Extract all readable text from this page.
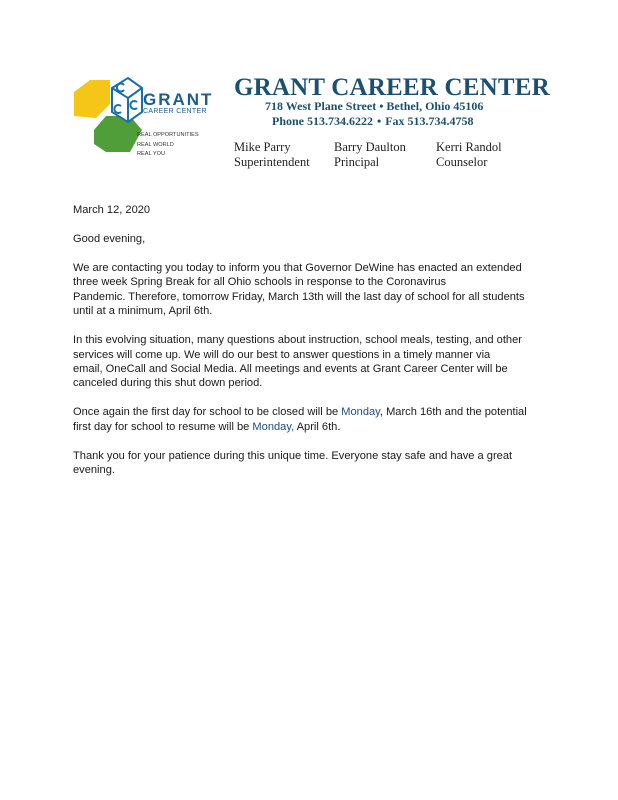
GRANT
CAREER CENTER
REAL OPPORTUNITIES
REAL WORLD
REAL YOU
GRANT CAREER CENTER
718 West Plane Street • Bethel, Ohio 45106
Phone 513.734.6222 • Fax 513.734.4758
Mike Parry
Superintendent
Barry Daulton
Principal
Kerri Randol
Counselor

March 12, 2020

Good evening,

We are contacting you today to inform you that Governor DeWine has enacted an extended
three week Spring Break for all Ohio schools in response to the Coronavirus
Pandemic. Therefore, tomorrow Friday, March 13th will the last day of school for all students
until at a minimum, April 6th.

In this evolving situation, many questions about instruction, school meals, testing, and other
services will come up. We will do our best to answer questions in a timely manner via
email, OneCall and Social Media. All meetings and events at Grant Career Center will be
canceled during this shut down period.

Once again the first day for school to be closed will be Monday, March 16th and the potential
first day for school to resume will be Monday, April 6th.

Thank you for your patience during this unique time. Everyone stay safe and have a great
evening.
